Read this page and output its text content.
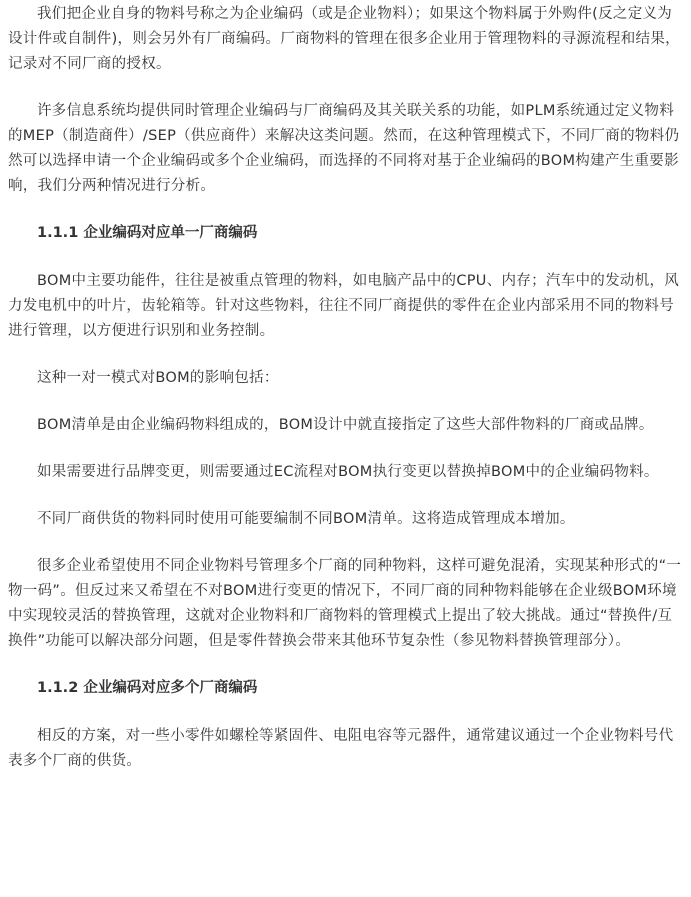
我们把企业自身的物料号称之为企业编码（或是企业物料）；如果这个物料属于外购件(反之定义为设计件或自制件)，则会另外有厂商编码。厂商物料的管理在很多企业用于管理物料的寻源流程和结果，记录对不同厂商的授权。

许多信息系统均提供同时管理企业编码与厂商编码及其关联关系的功能，如PLM系统通过定义物料的MEP（制造商件）/SEP（供应商件）来解决这类问题。然而，在这种管理模式下，不同厂商的物料仍然可以选择申请一个企业编码或多个企业编码，而选择的不同将对基于企业编码的BOM构建产生重要影响，我们分两种情况进行分析。

1.1.1 企业编码对应单一厂商编码

BOM中主要功能件，往往是被重点管理的物料，如电脑产品中的CPU、内存；汽车中的发动机，风力发电机中的叶片，齿轮箱等。针对这些物料，往往不同厂商提供的零件在企业内部采用不同的物料号进行管理，以方便进行识别和业务控制。

这种一对一模式对BOM的影响包括：

BOM清单是由企业编码物料组成的，BOM设计中就直接指定了这些大部件物料的厂商或品牌。

如果需要进行品牌变更，则需要通过EC流程对BOM执行变更以替换掉BOM中的企业编码物料。

不同厂商供货的物料同时使用可能要编制不同BOM清单。这将造成管理成本增加。

很多企业希望使用不同企业物料号管理多个厂商的同种物料，这样可避免混淆，实现某种形式的“一物一码”。但反过来又希望在不对BOM进行变更的情况下，不同厂商的同种物料能够在企业级BOM环境中实现较灵活的替换管理，这就对企业物料和厂商物料的管理模式上提出了较大挑战。通过“替换件/互换件”功能可以解决部分问题，但是零件替换会带来其他环节复杂性（参见物料替换管理部分）。

1.1.2 企业编码对应多个厂商编码

相反的方案，对一些小零件如螺栓等紧固件、电阻电容等元器件，通常建议通过一个企业物料号代表多个厂商的供货。
